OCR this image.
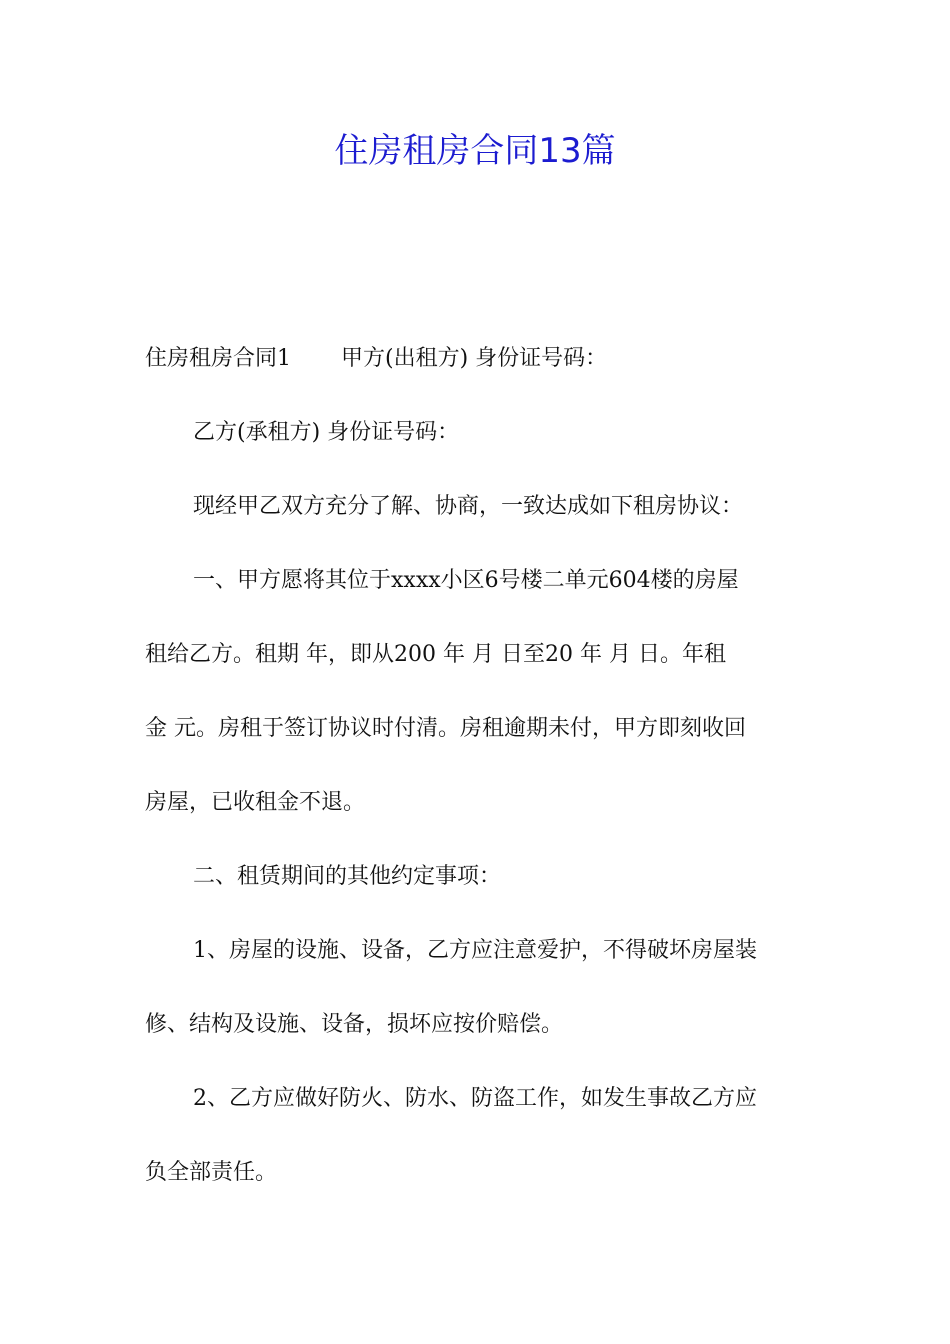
住房租房合同13篇
住房租房合同1 甲方(出租方) 身份证号码：
乙方(承租方) 身份证号码：
现经甲乙双方充分了解、协商，一致达成如下租房协议：
一、甲方愿将其位于xxxx小区6号楼二单元604楼的房屋
租给乙方。租期 年，即从200 年 月 日至20 年 月 日。年租
金 元。房租于签订协议时付清。房租逾期未付，甲方即刻收回
房屋，已收租金不退。
二、租赁期间的其他约定事项：
1、房屋的设施、设备，乙方应注意爱护，不得破坏房屋装
修、结构及设施、设备，损坏应按价赔偿。
2、乙方应做好防火、防水、防盗工作，如发生事故乙方应
负全部责任。
